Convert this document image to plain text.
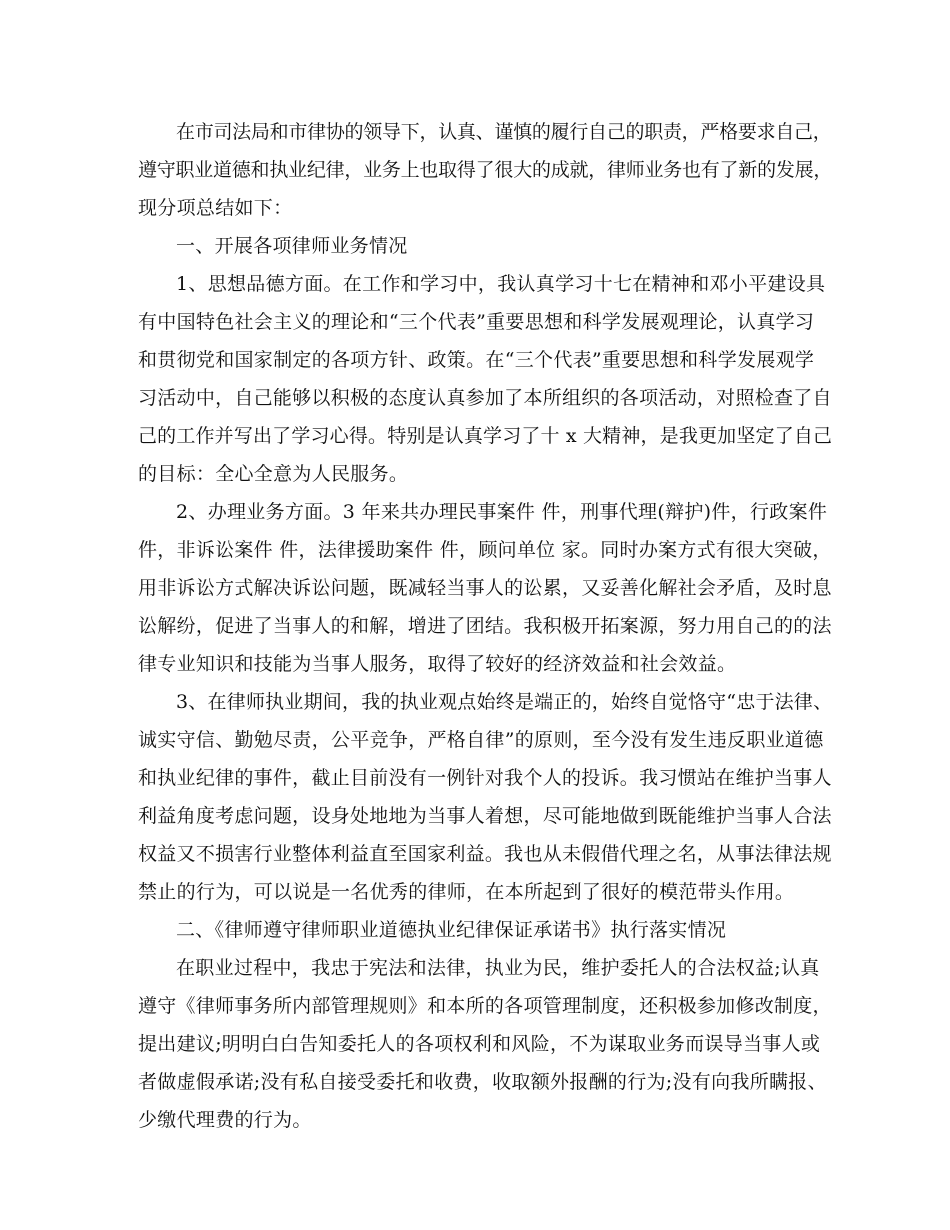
在市司法局和市律协的领导下，认真、谨慎的履行自己的职责，严格要求自己，
遵守职业道德和执业纪律，业务上也取得了很大的成就，律师业务也有了新的发展，
现分项总结如下：
一、开展各项律师业务情况
1、思想品德方面。在工作和学习中，我认真学习十七在精神和邓小平建设具
有中国特色社会主义的理论和“三个代表”重要思想和科学发展观理论，认真学习
和贯彻党和国家制定的各项方针、政策。在“三个代表”重要思想和科学发展观学
习活动中，自己能够以积极的态度认真参加了本所组织的各项活动，对照检查了自
己的工作并写出了学习心得。特别是认真学习了十 x 大精神，是我更加坚定了自己
的目标：全心全意为人民服务。
2、办理业务方面。3 年来共办理民事案件 件，刑事代理(辩护)件，行政案件
件，非诉讼案件 件，法律援助案件 件，顾问单位 家。同时办案方式有很大突破，
用非诉讼方式解决诉讼问题，既减轻当事人的讼累，又妥善化解社会矛盾，及时息
讼解纷，促进了当事人的和解，增进了团结。我积极开拓案源，努力用自己的的法
律专业知识和技能为当事人服务，取得了较好的经济效益和社会效益。
3、在律师执业期间，我的执业观点始终是端正的，始终自觉恪守“忠于法律、
诚实守信、勤勉尽责，公平竞争，严格自律”的原则，至今没有发生违反职业道德
和执业纪律的事件，截止目前没有一例针对我个人的投诉。我习惯站在维护当事人
利益角度考虑问题，设身处地地为当事人着想，尽可能地做到既能维护当事人合法
权益又不损害行业整体利益直至国家利益。我也从未假借代理之名，从事法律法规
禁止的行为，可以说是一名优秀的律师，在本所起到了很好的模范带头作用。
二、《律师遵守律师职业道德执业纪律保证承诺书》执行落实情况
在职业过程中，我忠于宪法和法律，执业为民，维护委托人的合法权益;认真
遵守《律师事务所内部管理规则》和本所的各项管理制度，还积极参加修改制度，
提出建议;明明白白告知委托人的各项权利和风险，不为谋取业务而误导当事人或
者做虚假承诺;没有私自接受委托和收费，收取额外报酬的行为;没有向我所瞒报、
少缴代理费的行为。
